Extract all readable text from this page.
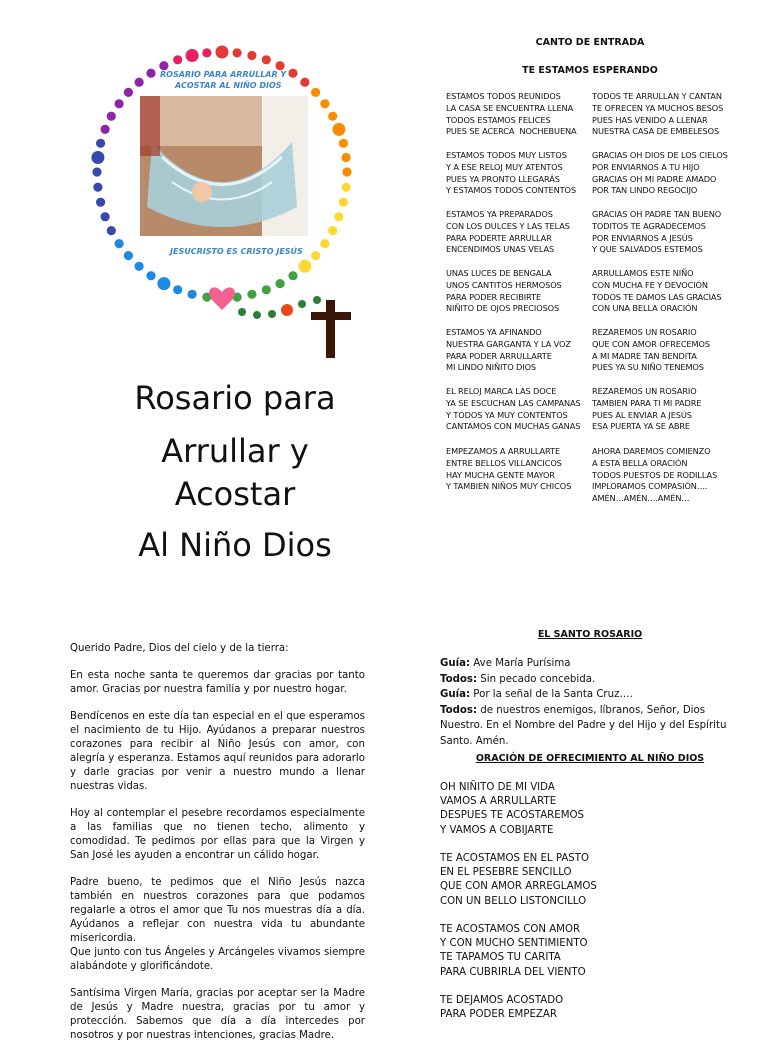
ROSARIO PARA ARRULLAR Y
ACOSTAR AL NIÑO DIOS
JESUCRISTO ES CRISTO JESÚS
Rosario para
Arrullar y
Acostar
Al Niño Dios
CANTO DE ENTRADA
TE ESTAMOS ESPERANDO
ESTAMOS TODOS REUNIDOS
LA CASA SE ENCUENTRA LLENA
TODOS ESTAMOS FELICES
PUES SE ACERCA  NOCHEBUENA
ESTAMOS TODOS MUY LISTOS
Y A ESE RELOJ MUY ATENTOS
PUES YA PRONTO LLEGARÁS
Y ESTAMOS TODOS CONTENTOS
ESTAMOS YA PREPARADOS
CON LOS DULCES Y LAS TELAS
PARA PODERTE ARRULLAR
ENCENDIMOS UNAS VELAS
UNAS LUCES DE BENGALA
UNOS CANTITOS HERMOSOS
PARA PODER RECIBIRTE
NIÑITO DE OJOS PRECIOSOS
ESTAMOS YA AFINANDO
NUESTRA GARGANTA Y LA VOZ
PARA PODER ARRULLARTE
MI LINDO NIÑITO DIOS
EL RELOJ MARCA LAS DOCE
YA SE ESCUCHAN LAS CAMPANAS
Y TODOS YA MUY CONTENTOS
CANTAMOS CON MUCHAS GANAS
EMPEZAMOS A ARRULLARTE
ENTRE BELLOS VILLANCICOS
HAY MUCHA GENTE MAYOR
Y TAMBIEN NIÑOS MUY CHICOS
TODOS TE ARRULLAN Y CANTAN
TE OFRECEN YA MUCHOS BESOS
PUES HAS VENIDO A LLENAR
NUESTRA CASA DE EMBELESOS
GRACIAS OH DIOS DE LOS CIELOS
POR ENVIARNOS A TU HIJO
GRACIAS OH MI PADRE AMADO
POR TAN LINDO REGOCIJO
GRACIAS OH PADRE TAN BUENO
TODITOS TE AGRADECEMOS
POR ENVIARNOS A JESÚS
Y QUE SALVADOS ESTEMOS
ARRULLAMOS ESTE NIÑO
CON MUCHA FE Y DEVOCIÓN
TODOS TE DAMOS LAS GRACIAS
CON UNA BELLA ORACIÓN
REZAREMOS UN ROSARIO
QUE CON AMOR OFRECEMOS
A MI MADRE TAN BENDITA
PUES YA SU NIÑO TENEMOS
REZAREMOS UN ROSARIO
TAMBIEN PARA TI MI PADRE
PUES AL ENVIAR A JESÚS
ESA PUERTA YA SE ABRE
AHORA DAREMOS COMIENZO
A ESTA BELLA ORACIÓN
TODOS PUESTOS DE RODILLAS
IMPLORAMOS COMPASIÓN….
AMÉN…AMÉN….AMÉN…

Querido Padre, Dios del cielo y de la tierra:

En esta noche santa te queremos dar gracias por tanto amor. Gracias por nuestra familia y por nuestro hogar.

Bendícenos en este día tan especial en el que esperamos el nacimiento de tu Hijo. Ayúdanos a preparar nuestros corazones para recibir al Niño Jesús con amor, con alegría y esperanza. Estamos aquí reunidos para adorarlo y darle gracias por venir a nuestro mundo a llenar nuestras vidas.

Hoy al contemplar el pesebre recordamos especialmente a las familias que no tienen techo, alimento y comodidad. Te pedimos por ellas para que la Virgen y San José les ayuden a encontrar un cálido hogar.

Padre bueno, te pedimos que el Niño Jesús nazca también en nuestros corazones para que podamos regalarle a otros el amor que Tu nos muestras día a día. Ayúdanos a reflejar con nuestra vida tu abundante misericordia.
Que junto con tus Ángeles y Arcángeles vivamos siempre alabándote y glorificándote.

Santísima Virgen María, gracias por aceptar ser la Madre de Jesús y Madre nuestra, gracias por tu amor y protección. Sabemos que día a día intercedes por nosotros y por nuestras intenciones, gracias Madre.

EL SANTO ROSARIO
Guía: Ave María Purísima
Todos: Sin pecado concebida.
Guía: Por la señal de la Santa Cruz….
Todos: de nuestros enemigos, líbranos, Señor, Dios Nuestro. En el Nombre del Padre y del Hijo y del Espíritu Santo. Amén.
ORACIÓN DE OFRECIMIENTO AL NIÑO DIOS
OH NIÑITO DE MI VIDA
VAMOS A ARRULLARTE
DESPUES TE ACOSTAREMOS
Y VAMOS A COBIJARTE
TE ACOSTAMOS EN EL PASTO
EN EL PESEBRE SENCILLO
QUE CON AMOR ARREGLAMOS
CON UN BELLO LISTONCILLO
TE ACOSTAMOS CON AMOR
Y CON MUCHO SENTIMIENTO
TE TAPAMOS TU CARITA
PARA CUBRIRLA DEL VIENTO
TE DEJAMOS ACOSTADO
PARA PODER EMPEZAR
